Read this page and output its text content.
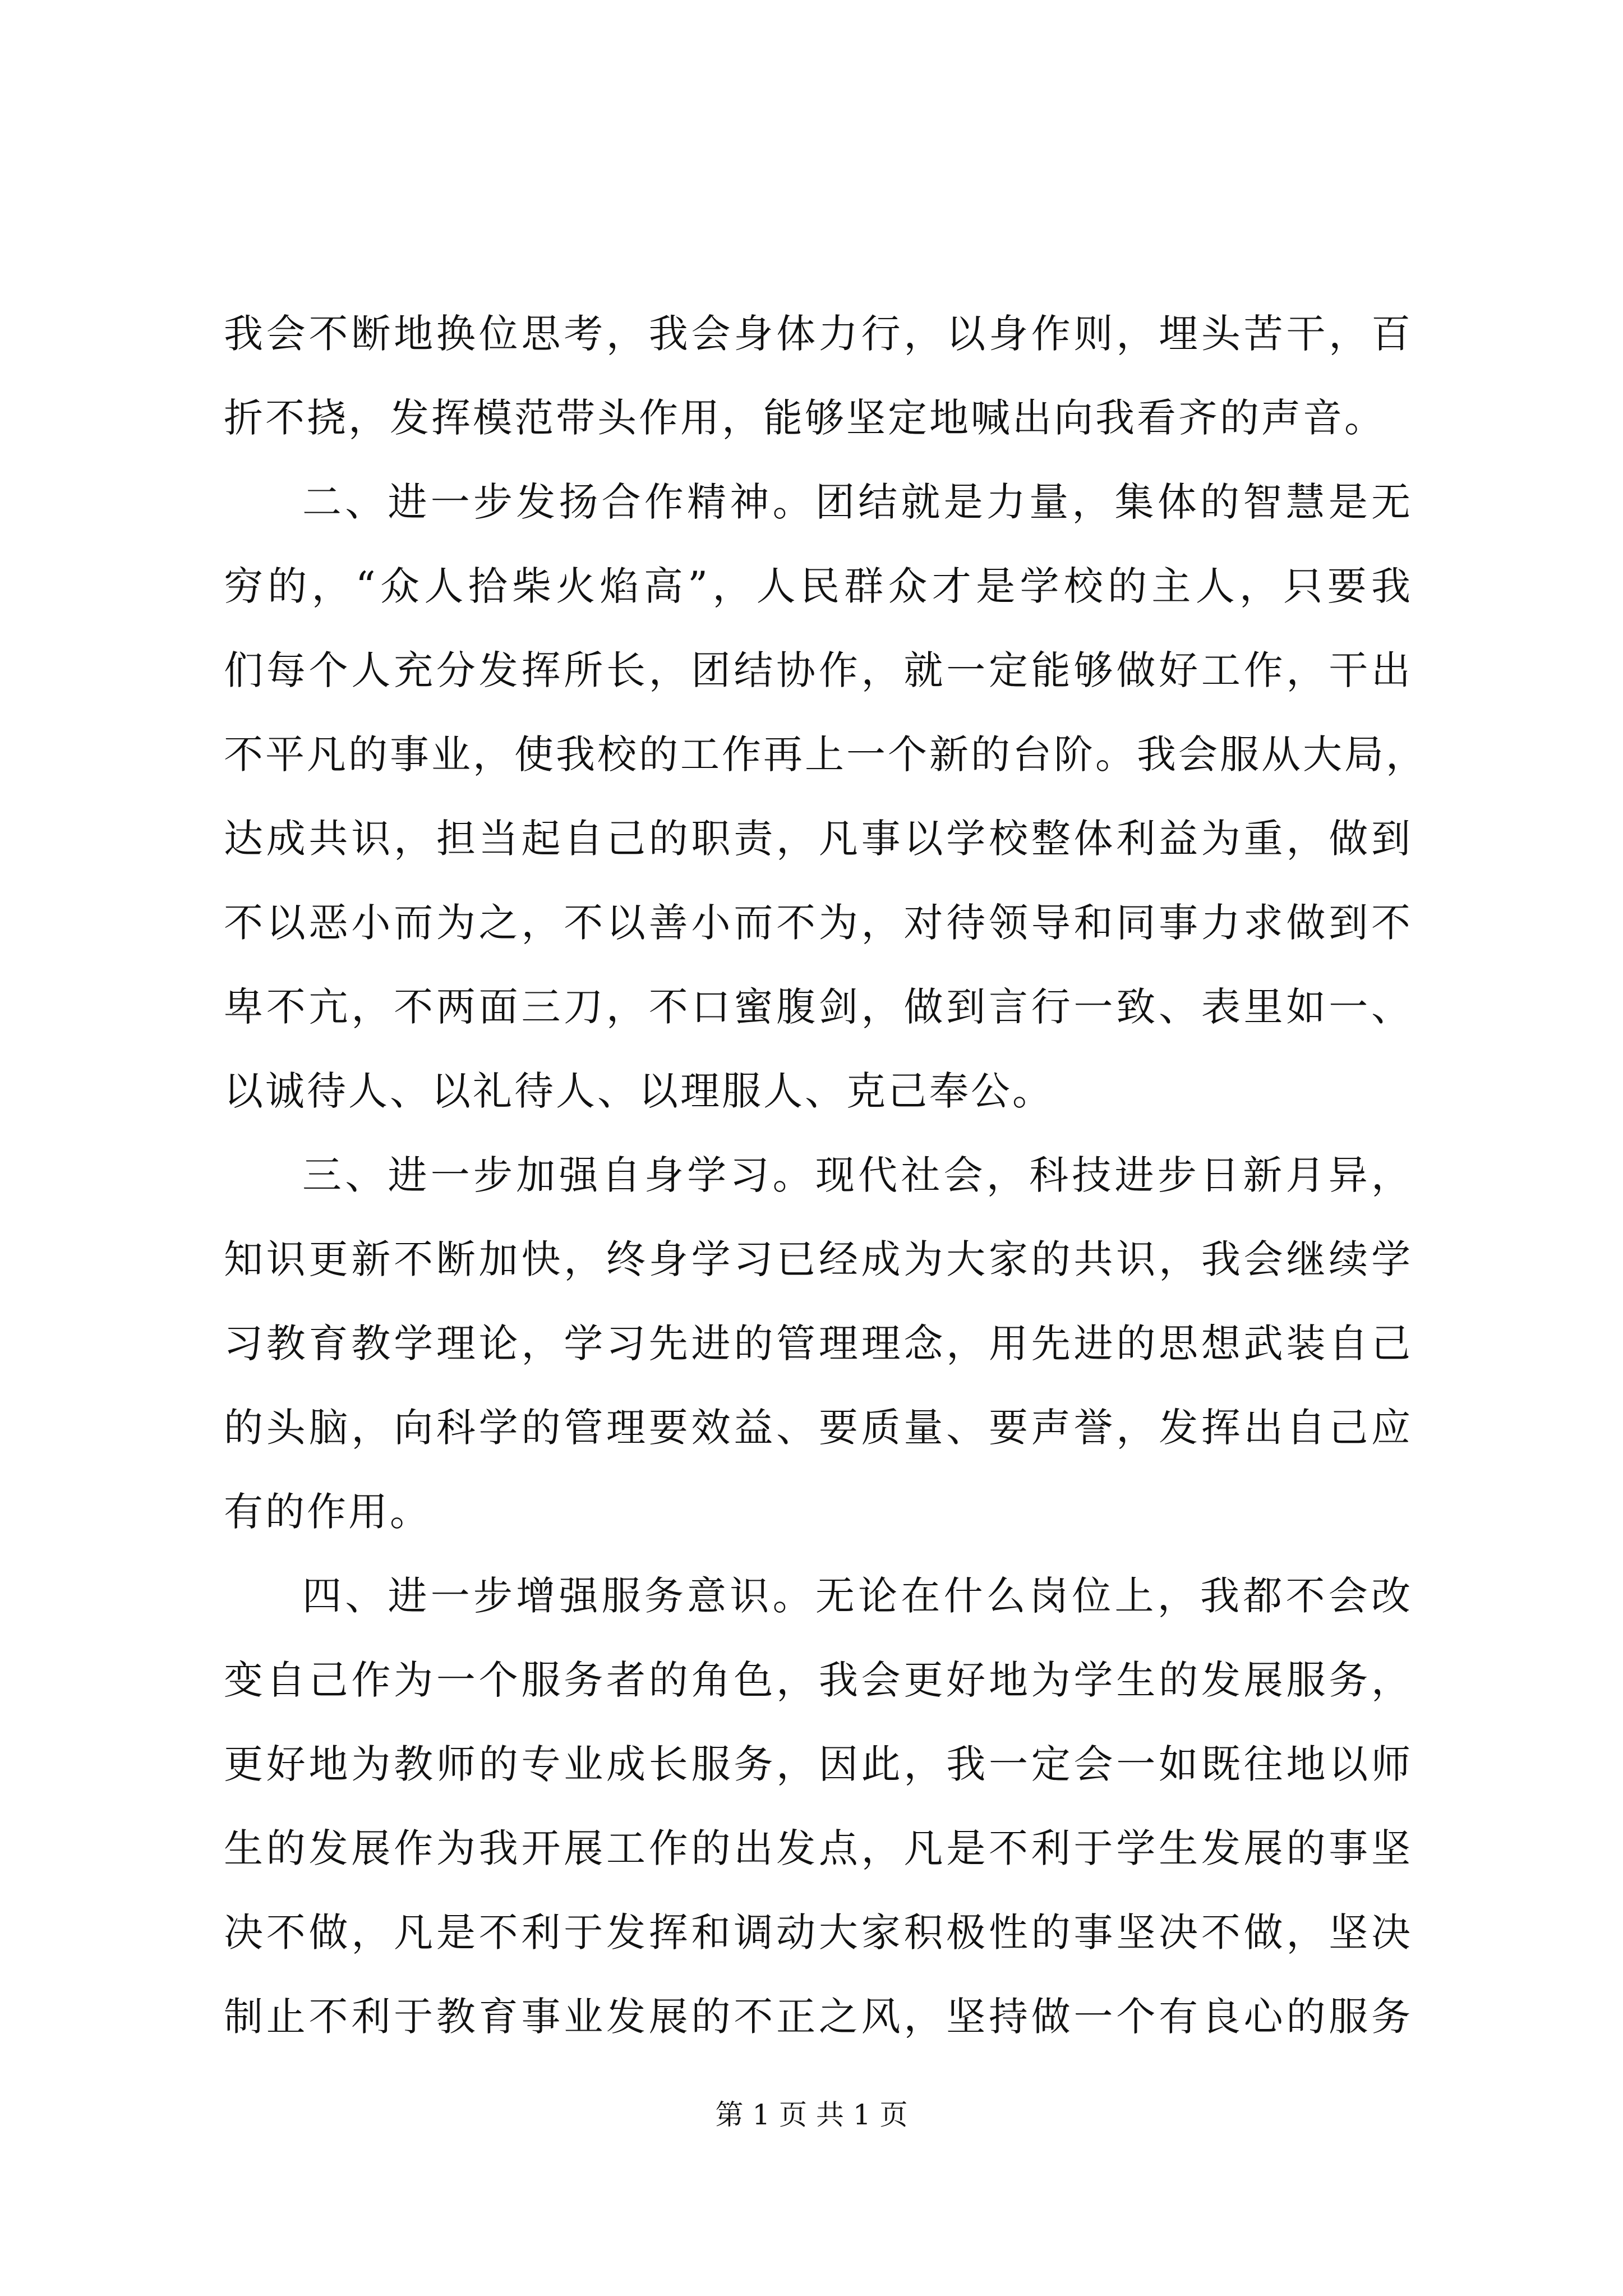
我会不断地换位思考，我会身体力行，以身作则，埋头苦干，百
折不挠，发挥模范带头作用，能够坚定地喊出向我看齐的声音。
二、进一步发扬合作精神。团结就是力量，集体的智慧是无
穷的，“众人拾柴火焰高”，人民群众才是学校的主人，只要我
们每个人充分发挥所长，团结协作，就一定能够做好工作，干出
不平凡的事业，使我校的工作再上一个新的台阶。我会服从大局，
达成共识，担当起自己的职责，凡事以学校整体利益为重，做到
不以恶小而为之，不以善小而不为，对待领导和同事力求做到不
卑不亢，不两面三刀，不口蜜腹剑，做到言行一致、表里如一、
以诚待人、以礼待人、以理服人、克己奉公。
三、进一步加强自身学习。现代社会，科技进步日新月异，
知识更新不断加快，终身学习已经成为大家的共识，我会继续学
习教育教学理论，学习先进的管理理念，用先进的思想武装自己
的头脑，向科学的管理要效益、要质量、要声誉，发挥出自己应
有的作用。
四、进一步增强服务意识。无论在什么岗位上，我都不会改
变自己作为一个服务者的角色，我会更好地为学生的发展服务，
更好地为教师的专业成长服务，因此，我一定会一如既往地以师
生的发展作为我开展工作的出发点，凡是不利于学生发展的事坚
决不做，凡是不利于发挥和调动大家积极性的事坚决不做，坚决
制止不利于教育事业发展的不正之风，坚持做一个有良心的服务
第 1 页 共 1 页
